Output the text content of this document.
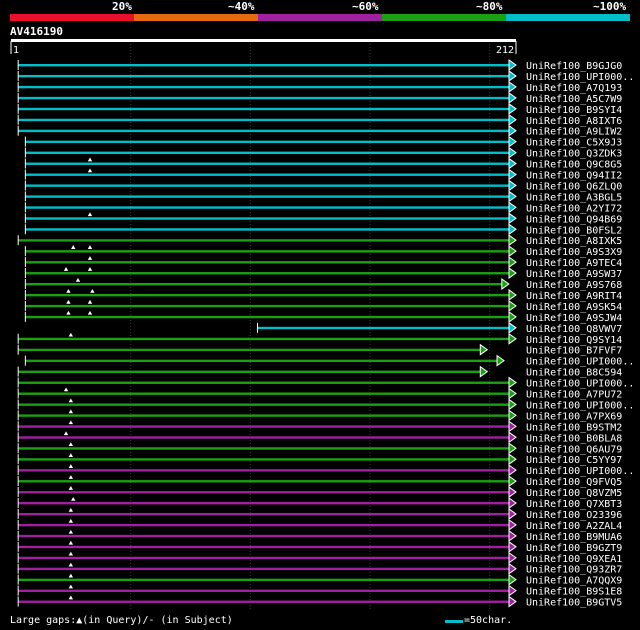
20%	~40%	~60%	~80%	~100%
AV416190
1	212
UniRef100_B9GJG0
UniRef100_UPI000..
UniRef100_A7Q193
UniRef100_A5C7W9
UniRef100_B9SYI4
UniRef100_A8IXT6
UniRef100_A9LIW2
UniRef100_C5X9J3
UniRef100_Q3ZDK3
UniRef100_Q9C8G5
UniRef100_Q94II2
UniRef100_Q6ZLQ0
UniRef100_A3BGL5
UniRef100_A2YI72
UniRef100_Q94B69
UniRef100_B0FSL2
UniRef100_A8IXK5
UniRef100_A9S3X9
UniRef100_A9TEC4
UniRef100_A9SW37
UniRef100_A9S768
UniRef100_A9RIT4
UniRef100_A9SK54
UniRef100_A9SJW4
UniRef100_Q8VWV7
UniRef100_Q9SY14
UniRef100_B7FVF7
UniRef100_UPI000..
UniRef100_B8C594
UniRef100_UPI000..
UniRef100_A7PU72
UniRef100_UPI000..
UniRef100_A7PX69
UniRef100_B9STM2
UniRef100_B0BLA8
UniRef100_Q6AU79
UniRef100_C5YY97
UniRef100_UPI000..
UniRef100_Q9FVQ5
UniRef100_Q8VZM5
UniRef100_Q7XBT3
UniRef100_O23396
UniRef100_A2ZAL4
UniRef100_B9MUA6
UniRef100_B9GZT9
UniRef100_Q9XEA1
UniRef100_Q93ZR7
UniRef100_A7QQX9
UniRef100_B9S1E8
UniRef100_B9GTV5
Large gaps:▲(in Query)/- (in Subject)	=50char.
